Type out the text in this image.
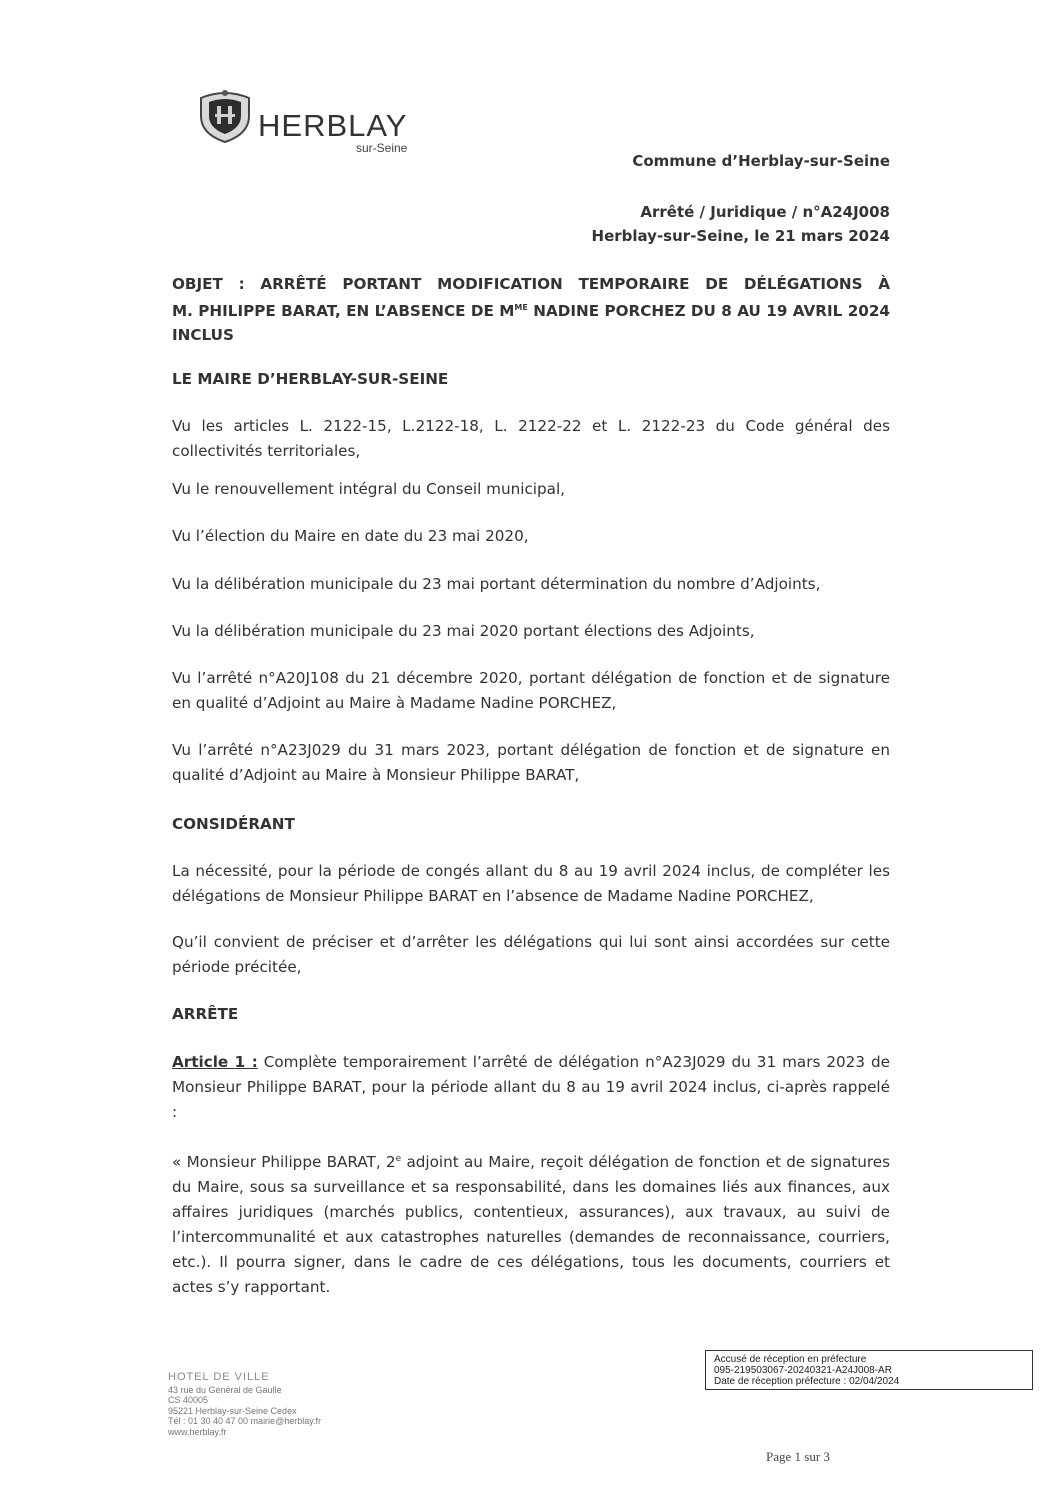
HERBLAY
sur-Seine
Commune d’Herblay-sur-Seine
Arrêté / Juridique / n°A24J008
Herblay-sur-Seine, le 21 mars 2024
OBJET : ARRÊTÉ PORTANT MODIFICATION TEMPORAIRE DE DÉLÉGATIONS À
M. PHILIPPE BARAT, EN L’ABSENCE DE $M^{ME}$ NADINE PORCHEZ DU 8 AU 19 AVRIL 2024
INCLUS
LE MAIRE D’HERBLAY-SUR-SEINE
Vu les articles L. 2122-15, L.2122-18, L. 2122-22 et L. 2122-23 du Code général des collectivités territoriales,
Vu le renouvellement intégral du Conseil municipal,
Vu l’élection du Maire en date du 23 mai 2020,
Vu la délibération municipale du 23 mai portant détermination du nombre d’Adjoints,
Vu la délibération municipale du 23 mai 2020 portant élections des Adjoints,
Vu l’arrêté n°A20J108 du 21 décembre 2020, portant délégation de fonction et de signature en qualité d’Adjoint au Maire à Madame Nadine PORCHEZ,
Vu l’arrêté n°A23J029 du 31 mars 2023, portant délégation de fonction et de signature en qualité d’Adjoint au Maire à Monsieur Philippe BARAT,
CONSIDÉRANT
La nécessité, pour la période de congés allant du 8 au 19 avril 2024 inclus, de compléter les délégations de Monsieur Philippe BARAT en l’absence de Madame Nadine PORCHEZ,
Qu’il convient de préciser et d’arrêter les délégations qui lui sont ainsi accordées sur cette période précitée,
ARRÊTE
Article 1 : Complète temporairement l’arrêté de délégation n°A23J029 du 31 mars 2023 de Monsieur Philippe BARAT, pour la période allant du 8 au 19 avril 2024 inclus, ci-après rappelé :
« Monsieur Philippe BARAT, 2e adjoint au Maire, reçoit délégation de fonction et de signatures du Maire, sous sa surveillance et sa responsabilité, dans les domaines liés aux finances, aux affaires juridiques (marchés publics, contentieux, assurances), aux travaux, au suivi de l’intercommunalité et aux catastrophes naturelles (demandes de reconnaissance, courriers, etc.). Il pourra signer, dans le cadre de ces délégations, tous les documents, courriers et actes s’y rapportant.
HOTEL DE VILLE
43 rue du Général de Gaulle
CS 40005
95221 Herblay-sur-Seine Cedex
Tél : 01 30 40 47 00 mairie@herblay.fr
www.herblay.fr
Accusé de réception en préfecture
095-219503067-20240321-A24J008-AR
Date de réception préfecture : 02/04/2024
Page 1 sur 3
